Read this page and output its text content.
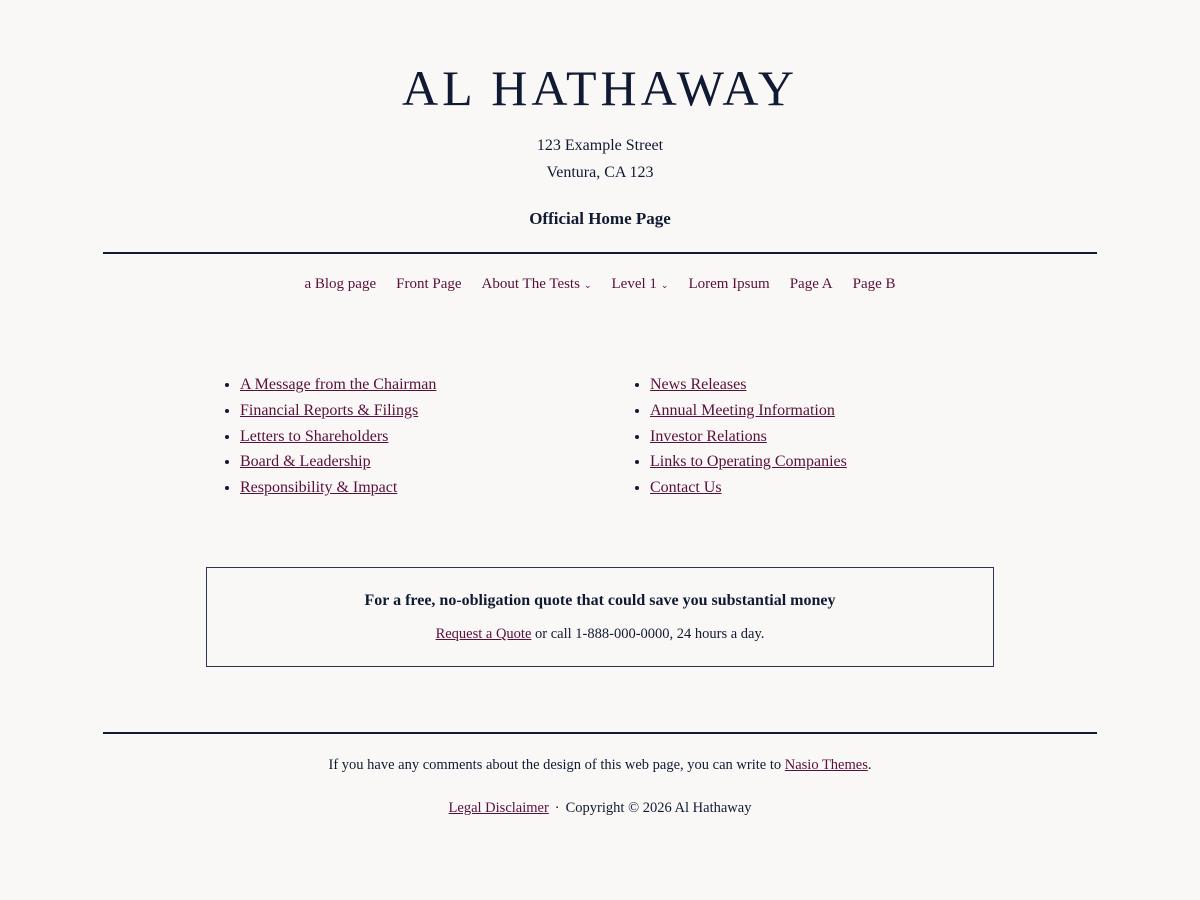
AL HATHAWAY
123 Example Street
Ventura, CA 123
Official Home Page
a Blog page Front Page About The Tests ⌄ Level 1 ⌄ Lorem Ipsum Page A Page B
• A Message from the Chairman
• Financial Reports & Filings
• Letters to Shareholders
• Board & Leadership
• Responsibility & Impact
• News Releases
• Annual Meeting Information
• Investor Relations
• Links to Operating Companies
• Contact Us
For a free, no-obligation quote that could save you substantial money
Request a Quote or call 1-888-000-0000, 24 hours a day.
If you have any comments about the design of this web page, you can write to Nasio Themes.
Legal Disclaimer · Copyright © 2026 Al Hathaway
